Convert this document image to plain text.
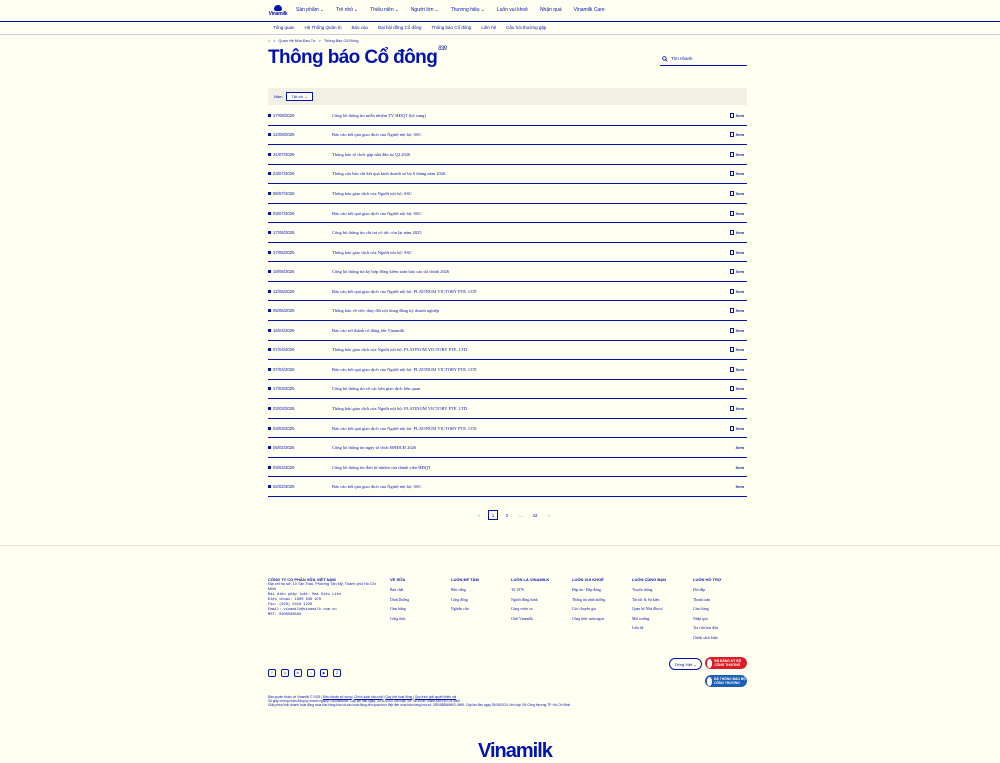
Vinamilk
Sản phẩm ⌄ Trẻ nhỏ ⌄ Thiếu niên ⌄ Người lớn ⌄ Thương hiệu ⌄ Luôn vui khoẻ Nhận quà Vinamilk Care
Tổng quan	Hệ Thống Quản trị	Báo cáo	Đại hội đồng Cổ đông	Thông báo Cổ đông	Liên hệ	Câu hỏi thường gặp
⌂ > Quan Hệ Nhà Đầu Tư > Thông Báo Cổ Đông
Thông báo Cổ đông$^{839}$
Tìm nhanh
Năm Tất cả ⌄
17/08/2026	Công bố thông tin miễn nhiệm TV HĐQT (bổ sung)	Xem
12/08/2026	Báo cáo kết quả giao dịch của Người nội bộ: SSC	Xem
31/07/2026	Thông báo tổ chức gặp nhà đầu tư Q2.2026	Xem
23/07/2026	Thông cáo báo chí kết quả kinh doanh sơ bộ 6 tháng năm 2026	Xem
08/07/2026	Thông báo giao dịch của Người nội bộ: SSC	Xem
03/07/2026	Báo cáo kết quả giao dịch của Người nội bộ: SSC	Xem
17/06/2026	Công bố thông tin chi trả cổ tức còn lại năm 2025	Xem
27/05/2026	Thông báo giao dịch của Người nội bộ: SSC	Xem
19/05/2026	Công bố thông tin ký hợp đồng kiểm toán báo cáo tài chính 2026	Xem
12/05/2026	Báo cáo kết quả giao dịch của Người nội bộ: PLATINUM VICTORY PTE. LTD	Xem
05/05/2026	Thông báo về việc thay đổi nội dung đăng ký doanh nghiệp	Xem
15/04/2026	Báo cáo trở thành cổ đông lớn Vinamilk	Xem
07/04/2026	Thông báo giao dịch của Người nội bộ: PLATINUM VICTORY PTE. LTD	Xem
07/04/2026	Báo cáo kết quả giao dịch của Người nội bộ: PLATINUM VICTORY PTE. LTD	Xem
17/03/2026	Công bố thông tin về các bên giao dịch liên quan	Xem
03/03/2026	Thông báo giao dịch của Người nội bộ: PLATINUM VICTORY PTE. LTD	Xem
03/03/2026	Báo cáo kết quả giao dịch của Người nội bộ: PLATINUM VICTORY PTE. LTD	Xem
05/02/2026	Công bố thông tin ngày tổ chức ĐHĐCĐ 2026	Xem
03/02/2026	Công bố thông tin đơn từ nhiệm của thành viên HĐQT	Xem
02/02/2026	Báo cáo kết quả giao dịch của Người nội bộ: SSC	Xem
‹	1	2	...	42	›
CÔNG TY CỔ PHẦN SỮA VIỆT NAM
Địa chỉ trụ sở: 10 Tân Trào, Phường Tân Mỹ, Thành phố Hồ Chí Minh
Đại diện pháp luật: Mai Kiều Liên
Điện thoại: 1900 636 979
Fax: (028) 5416 1226
Email: vinamilk@vinamilk.com.vn
MST: 0300588569
VỀ SỮA
Bản chất
Dinh Dưỡng
Cảm hứng
Công thức
LUÔN ĐỂ TÂM
Bền vững
Cộng đồng
Nghiên cứu
LUÔN LÀ VINAMILK
Từ 1976
Người đồng hành
Cùng vươn xa
Chất Vinamilk
LUÔN VUI KHOẺ
Đáp án - Đáp đúng
Thông tin dinh dưỡng
Góc chuyên gia
Công thức món ngon
LUÔN CÙNG BẠN
Truyền thông
Tin tức & Sự kiện
Quan hệ Nhà đầu tư
Môi trường
Liên hệ
LUÔN HỖ TRỢ
Hỏi đáp
Thanh toán
Giao hàng
Nhận quà
Tra cứu hóa đơn
Chính sách khác
f	◎	in	♪	▶	Z
Tiếng Việt ⌄
ĐÃ ĐĂNG KÝ BỘ CÔNG THƯƠNG
ĐÃ THÔNG BÁO BỘ CÔNG THƯƠNG
Bản quyền thuộc về Vinamilk © 2025 | Điều khoản sử dụng | Chính sách bảo mật | Quy chế hoạt động | Quy trình giải quyết khiếu nại
Số giấy chứng nhận đăng ký doanh nghiệp: 0300588569. Cấp lần đầu ngày: 20/11/2003. Nơi cấp: Sở Tài chính Thành phố Hồ Chí Minh
Giấy phép kinh doanh hoạt động mua bán hàng hóa và các hoạt động liên quan trực tiếp đến mua bán hàng hóa số: 0300588569/KD-0699. Cấp lần đầu ngày 25/06/2024. Nơi cấp: Sở Công thương TP. Hồ Chí Minh
Vinamilk
